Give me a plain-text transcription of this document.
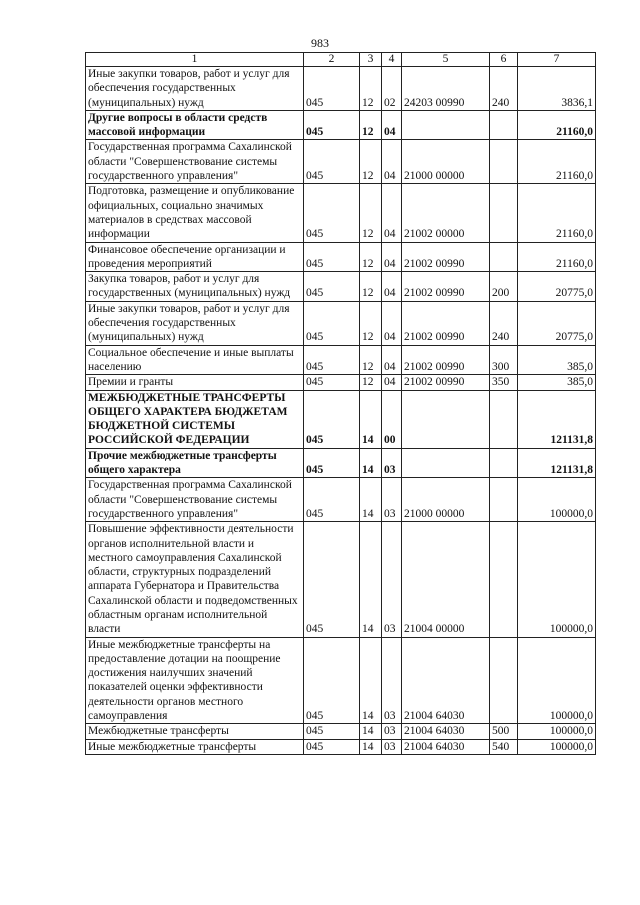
983
1	2	3	4	5	6	7
Иные закупки товаров, работ и услуг для обеспечения государственных (муниципальных) нужд	045	12	02	24203 00990	240	3836,1
Другие вопросы в области средств массовой информации	045	12	04			21160,0
Государственная программа Сахалинской области "Совершенствование системы государственного управления"	045	12	04	21000 00000		21160,0
Подготовка, размещение и опубликование официальных, социально значимых материалов в средствах массовой информации	045	12	04	21002 00000		21160,0
Финансовое обеспечение организации и проведения мероприятий	045	12	04	21002 00990		21160,0
Закупка товаров, работ и услуг для государственных (муниципальных) нужд	045	12	04	21002 00990	200	20775,0
Иные закупки товаров, работ и услуг для обеспечения государственных (муниципальных) нужд	045	12	04	21002 00990	240	20775,0
Социальное обеспечение и иные выплаты населению	045	12	04	21002 00990	300	385,0
Премии и гранты	045	12	04	21002 00990	350	385,0
МЕЖБЮДЖЕТНЫЕ ТРАНСФЕРТЫ ОБЩЕГО ХАРАКТЕРА БЮДЖЕТАМ БЮДЖЕТНОЙ СИСТЕМЫ РОССИЙСКОЙ ФЕДЕРАЦИИ	045	14	00			121131,8
Прочие межбюджетные трансферты общего характера	045	14	03			121131,8
Государственная программа Сахалинской области "Совершенствование системы государственного управления"	045	14	03	21000 00000		100000,0
Повышение эффективности деятельности органов исполнительной власти и местного самоуправления Сахалинской области, структурных подразделений аппарата Губернатора и Правительства Сахалинской области и подведомственных областным органам исполнительной власти	045	14	03	21004 00000		100000,0
Иные межбюджетные трансферты на предоставление дотации на поощрение достижения наилучших значений показателей оценки эффективности деятельности органов местного самоуправления	045	14	03	21004 64030		100000,0
Межбюджетные трансферты	045	14	03	21004 64030	500	100000,0
Иные межбюджетные трансферты	045	14	03	21004 64030	540	100000,0
